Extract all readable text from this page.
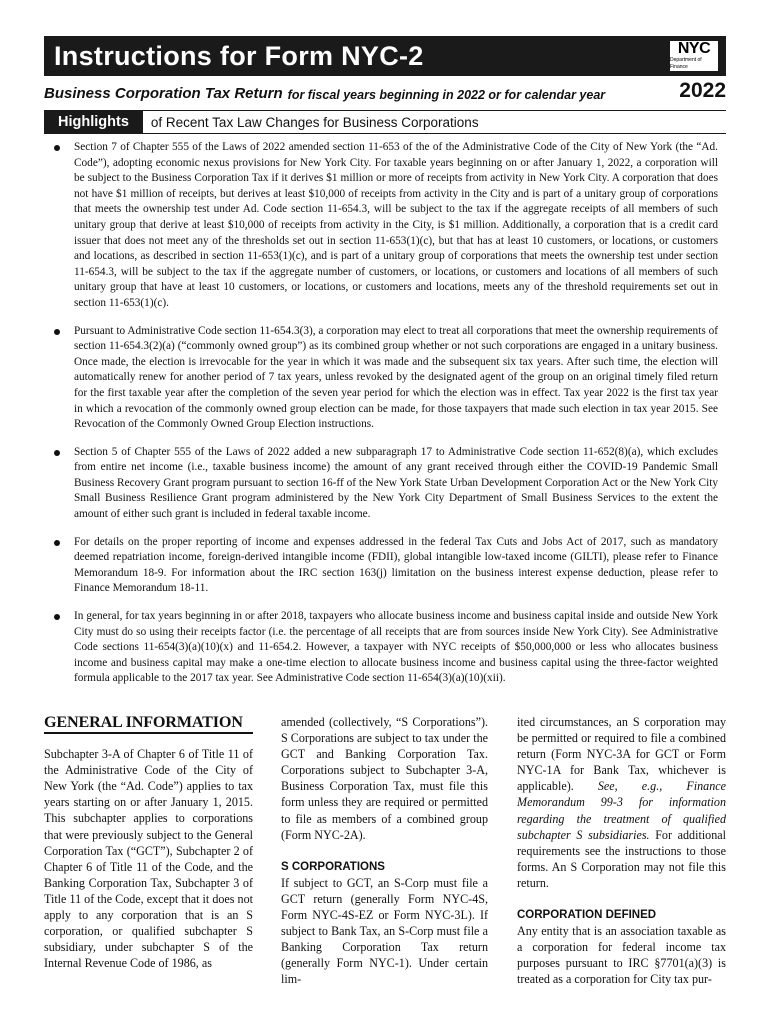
Instructions for Form NYC-2	NYC
Department of Finance
Business Corporation Tax Return for fiscal years beginning in 2022 or for calendar year	2022
Highlights	of Recent Tax Law Changes for Business Corporations
Section 7 of Chapter 555 of the Laws of 2022 amended section 11-653 of the of the Administrative Code of the City of New York (the “Ad. Code”), adopting economic nexus provisions for New York City. For taxable years beginning on or after January 1, 2022, a corporation will be subject to the Business Corporation Tax if it derives $1 million or more of receipts from activity in New York City. A corporation that does not have $1 million of receipts, but derives at least $10,000 of receipts from activity in the City and is part of a unitary group of corporations that meets the ownership test under Ad. Code section 11-654.3, will be subject to the tax if the aggregate receipts of all members of such unitary group that derive at least $10,000 of receipts from activity in the City, is $1 million. Additionally, a corporation that is a credit card issuer that does not meet any of the thresholds set out in section 11-653(1)(c), but that has at least 10 customers, or locations, or customers and locations, as described in section 11-653(1)(c), and is part of a unitary group of corporations that meets the ownership test under section 11-654.3, will be subject to the tax if the aggregate number of customers, or locations, or customers and locations of all members of such unitary group that have at least 10 customers, or locations, or customers and locations, meets any of the threshold requirements set out in section 11-653(1)(c).
Pursuant to Administrative Code section 11-654.3(3), a corporation may elect to treat all corporations that meet the ownership requirements of section 11-654.3(2)(a) (“commonly owned group”) as its combined group whether or not such corporations are engaged in a unitary business. Once made, the election is irrevocable for the year in which it was made and the subsequent six tax years. After such time, the election will automatically renew for another period of 7 tax years, unless revoked by the designated agent of the group on an original timely filed return for the first taxable year after the completion of the seven year period for which the election was in effect. Tax year 2022 is the first tax year in which a revocation of the commonly owned group election can be made, for those taxpayers that made such election in tax year 2015. See Revocation of the Commonly Owned Group Election instructions.
Section 5 of Chapter 555 of the Laws of 2022 added a new subparagraph 17 to Administrative Code section 11-652(8)(a), which excludes from entire net income (i.e., taxable business income) the amount of any grant received through either the COVID-19 Pandemic Small Business Recovery Grant program pursuant to section 16-ff of the New York State Urban Development Corporation Act or the New York City Small Business Resilience Grant program administered by the New York City Department of Small Business Services to the extent the amount of either such grant is included in federal taxable income.
For details on the proper reporting of income and expenses addressed in the federal Tax Cuts and Jobs Act of 2017, such as mandatory deemed repatriation income, foreign-derived intangible income (FDII), global intangible low-taxed income (GILTI), please refer to Finance Memorandum 18-9. For information about the IRC section 163(j) limitation on the business interest expense deduction, please refer to Finance Memorandum 18-11.
In general, for tax years beginning in or after 2018, taxpayers who allocate business income and business capital inside and outside New York City must do so using their receipts factor (i.e. the percentage of all receipts that are from sources inside New York City). See Administrative Code sections 11-654(3)(a)(10)(x) and 11-654.2. However, a taxpayer with NYC receipts of $50,000,000 or less who allocates business income and business capital may make a one-time election to allocate business income and business capital using the three-factor weighted formula applicable to the 2017 tax year. See Administrative Code section 11-654(3)(a)(10)(xii).
GENERAL INFORMATION

Subchapter 3-A of Chapter 6 of Title 11 of the Administrative Code of the City of New York (the “Ad. Code”) applies to tax years starting on or after January 1, 2015. This subchapter applies to corporations that were previously subject to the General Corporation Tax (“GCT”), Subchapter 2 of Chapter 6 of Title 11 of the Code, and the Banking Corporation Tax, Subchapter 3 of Title 11 of the Code, except that it does not apply to any corporation that is an S corporation, or qualified subchapter S subsidiary, under subchapter S of the Internal Revenue Code of 1986, as

amended (collectively, “S Corporations”). S Corporations are subject to tax under the GCT and Banking Corporation Tax. Corporations subject to Subchapter 3-A, Business Corporation Tax, must file this form unless they are required or permitted to file as members of a combined group (Form NYC-2A).

S CORPORATIONS

If subject to GCT, an S-Corp must file a GCT return (generally Form NYC-4S, Form NYC-4S-EZ or Form NYC-3L). If subject to Bank Tax, an S-Corp must file a Banking Corporation Tax return (generally Form NYC-1). Under certain lim-

ited circumstances, an S corporation may be permitted or required to file a combined return (Form NYC-3A for GCT or Form NYC-1A for Bank Tax, whichever is applicable). See, e.g., Finance Memorandum 99-3 for information regarding the treatment of qualified subchapter S subsidiaries. For additional requirements see the instructions to those forms. An S Corporation may not file this return.

CORPORATION DEFINED

Any entity that is an association taxable as a corporation for federal income tax purposes pursuant to IRC §7701(a)(3) is treated as a corporation for City tax pur-
